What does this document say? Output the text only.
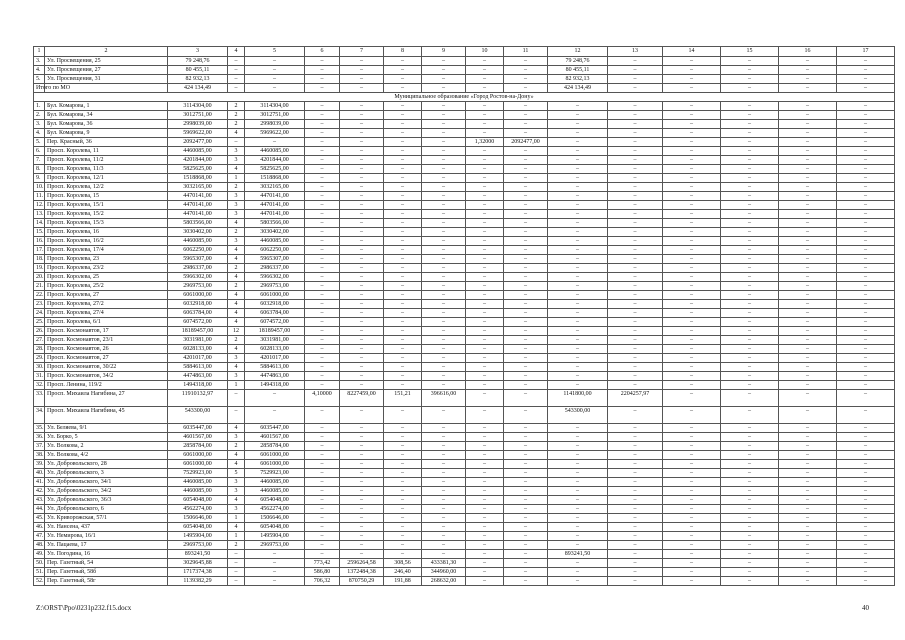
1	2	3	4	5	6	7	8	9	10	11	12	13	14	15	16	17
3.	Ул. Просвещения, 25	79 248,76	–	–	–	–	–	–	–	–	79 248,76	–	–	–	–	–
4.	Ул. Просвещения, 27	80 455,11	–	–	–	–	–	–	–	–	80 455,11	–	–	–	–	–
5.	Ул. Просвещения, 31	82 932,13	–	–	–	–	–	–	–	–	82 932,13	–	–	–	–	–
Итого по МО		424 134,49	–	–	–	–	–	–	–	–	424 134,49	–	–	–	–	–
Муниципальное образование «Город Ростов-на-Дону»																
1.	Бул. Комарова, 1	3114304,00	2	3114304,00	–	–	–	–	–	–	–	–	–	–	–	–
2.	Бул. Комарова, 34	3012751,00	2	3012751,00	–	–	–	–	–	–	–	–	–	–	–	–
3.	Бул. Комарова, 36	2998039,00	2	2998039,00	–	–	–	–	–	–	–	–	–	–	–	–
4.	Бул. Комарова, 9	5969622,00	4	5969622,00	–	–	–	–	–	–	–	–	–	–	–	–
5.	Пер. Красный, 36	2092477,00	–	–	–	–	–	–	1,32000	2092477,00	–	–	–	–	–	–
6.	Просп. Королева, 11	4460085,00	3	4460085,00	–	–	–	–	–	–	–	–	–	–	–	–
7.	Просп. Королева, 11/2	4201844,00	3	4201844,00	–	–	–	–	–	–	–	–	–	–	–	–
8.	Просп. Королева, 11/3	5825625,00	4	5825625,00	–	–	–	–	–	–	–	–	–	–	–	–
9.	Просп. Королева, 12/1	1518868,00	1	1518868,00	–	–	–	–	–	–	–	–	–	–	–	–
10.	Просп. Королева, 12/2	3032165,00	2	3032165,00	–	–	–	–	–	–	–	–	–	–	–	–
11.	Просп. Королева, 15	4470141,00	3	4470141,00	–	–	–	–	–	–	–	–	–	–	–	–
12.	Просп. Королева, 15/1	4470141,00	3	4470141,00	–	–	–	–	–	–	–	–	–	–	–	–
13.	Просп. Королева, 15/2	4470141,00	3	4470141,00	–	–	–	–	–	–	–	–	–	–	–	–
14.	Просп. Королева, 15/3	5803566,00	4	5803566,00	–	–	–	–	–	–	–	–	–	–	–	–
15.	Просп. Королева, 16	3030402,00	2	3030402,00	–	–	–	–	–	–	–	–	–	–	–	–
16.	Просп. Королева, 16/2	4460085,00	3	4460085,00	–	–	–	–	–	–	–	–	–	–	–	–
17.	Просп. Королева, 17/4	6062250,00	4	6062250,00	–	–	–	–	–	–	–	–	–	–	–	–
18.	Просп. Королева, 23	5965307,00	4	5965307,00	–	–	–	–	–	–	–	–	–	–	–	–
19.	Просп. Королева, 23/2	2986337,00	2	2986337,00	–	–	–	–	–	–	–	–	–	–	–	–
20.	Просп. Королева, 25	5966302,00	4	5966302,00	–	–	–	–	–	–	–	–	–	–	–	–
21.	Просп. Королева, 25/2	2969753,00	2	2969753,00	–	–	–	–	–	–	–	–	–	–	–	–
22.	Просп. Королева, 27	6061000,00	4	6061000,00	–	–	–	–	–	–	–	–	–	–	–	–
23.	Просп. Королева, 27/2	6032918,00	4	6032918,00	–	–	–	–	–	–	–	–	–	–	–	–
24.	Просп. Королева, 27/4	6063784,00	4	6063784,00	–	–	–	–	–	–	–	–	–	–	–	–
25.	Просп. Королева, 6/1	6074572,00	4	6074572,00	–	–	–	–	–	–	–	–	–	–	–	–
26.	Просп. Космонавтов, 17	18189457,00	12	18189457,00	–	–	–	–	–	–	–	–	–	–	–	–
27.	Просп. Космонавтов, 23/1	3031981,00	2	3031981,00	–	–	–	–	–	–	–	–	–	–	–	–
28.	Просп. Космонавтов, 26	6028133,00	4	6028133,00	–	–	–	–	–	–	–	–	–	–	–	–
29.	Просп. Космонавтов, 27	4201017,00	3	4201017,00	–	–	–	–	–	–	–	–	–	–	–	–
30.	Просп. Космонавтов, 30/22	5884613,00	4	5884613,00	–	–	–	–	–	–	–	–	–	–	–	–
31.	Просп. Космонавтов, 34/2	4474863,00	3	4474863,00	–	–	–	–	–	–	–	–	–	–	–	–
32.	Просп. Ленина, 119/2	1494318,00	1	1494318,00	–	–	–	–	–	–	–	–	–	–	–	–
33.	Просп. Михаила Нагибина, 27	11910132,97	–	–	4,10000	8227459,00	151,21	396616,00	–	–	1141800,00	2204257,97	–	–	–	–
34.	Просп. Михаила Нагибина, 45	543300,00	–	–	–	–	–	–	–	–	543300,00	–	–	–	–	–
35.	Ул. Беляева, 9/1	6035447,00	4	6035447,00	–	–	–	–	–	–	–	–	–	–	–	–
36.	Ул. Борко, 5	4601567,00	3	4601567,00	–	–	–	–	–	–	–	–	–	–	–	–
37.	Ул. Волкова, 2	2858784,00	2	2858784,00	–	–	–	–	–	–	–	–	–	–	–	–
38.	Ул. Волкова, 4/2	6061000,00	4	6061000,00	–	–	–	–	–	–	–	–	–	–	–	–
39.	Ул. Добровольского, 28	6061000,00	4	6061000,00	–	–	–	–	–	–	–	–	–	–	–	–
40.	Ул. Добровольского, 3	7529923,00	5	7529923,00	–	–	–	–	–	–	–	–	–	–	–	–
41.	Ул. Добровольского, 34/1	4460085,00	3	4460085,00	–	–	–	–	–	–	–	–	–	–	–	–
42.	Ул. Добровольского, 34/2	4460085,00	3	4460085,00	–	–	–	–	–	–	–	–	–	–	–	–
43.	Ул. Добровольского, 36/3	6054048,00	4	6054048,00	–	–	–	–	–	–	–	–	–	–	–	–
44.	Ул. Добровольского, 6	4562274,00	3	4562274,00	–	–	–	–	–	–	–	–	–	–	–	–
45.	Ул. Криворожская, 57/1	1506646,00	1	1506646,00	–	–	–	–	–	–	–	–	–	–	–	–
46.	Ул. Нансена, 437	6054048,00	4	6054048,00	–	–	–	–	–	–	–	–	–	–	–	–
47.	Ул. Немирова, 16/1	1495904,00	1	1495904,00	–	–	–	–	–	–	–	–	–	–	–	–
48.	Ул. Пацаева, 17	2969753,00	2	2969753,00	–	–	–	–	–	–	–	–	–	–	–	–
49.	Ул. Погодина, 16	893241,50	–	–	–	–	–	–	–	–	893241,50	–	–	–	–	–
50.	Пер. Газетный, 54	3029645,88	–	–	773,42	2596264,58	308,56	433381,30	–	–	–	–	–	–	–	–
51.	Пер. Газетный, 58б	1717374,38	–	–	586,80	1372484,38	246,40	344960,00	–	–	–	–	–	–	–	–
52.	Пер. Газетный, 58г	1139382,29	–	–	706,32	870750,29	191,88	268632,00	–	–	–	–	–	–	–	–
Z:\ORST\Ppo\0231p232.f15.docx	40
